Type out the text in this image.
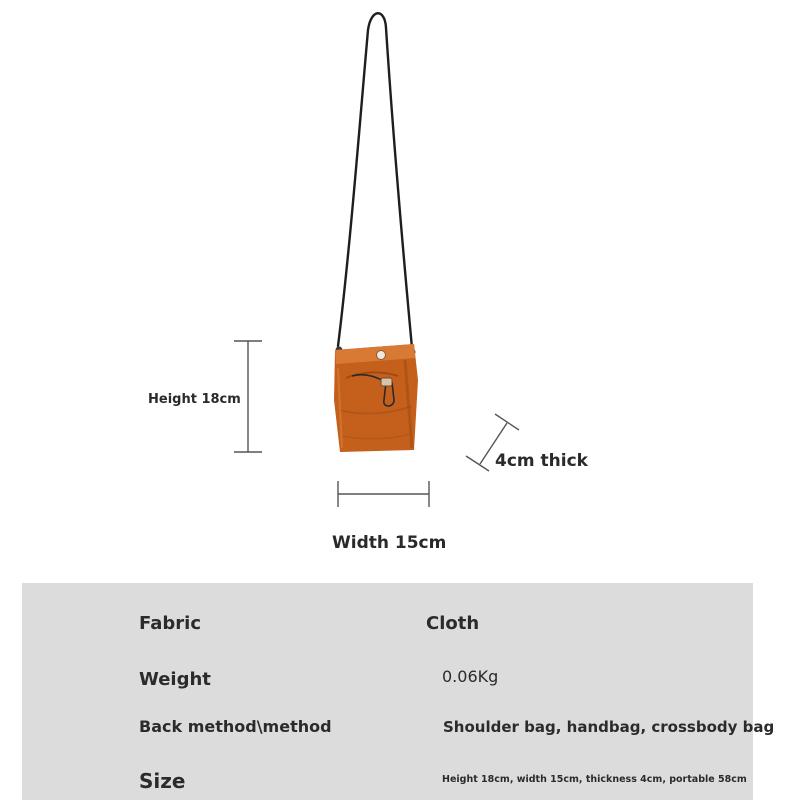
Height 18cm
4cm thick
Width 15cm
Fabric	Cloth
Weight	0.06Kg
Back method\method	Shoulder bag, handbag, crossbody bag
Size	Height 18cm, width 15cm, thickness 4cm, portable 58cm
